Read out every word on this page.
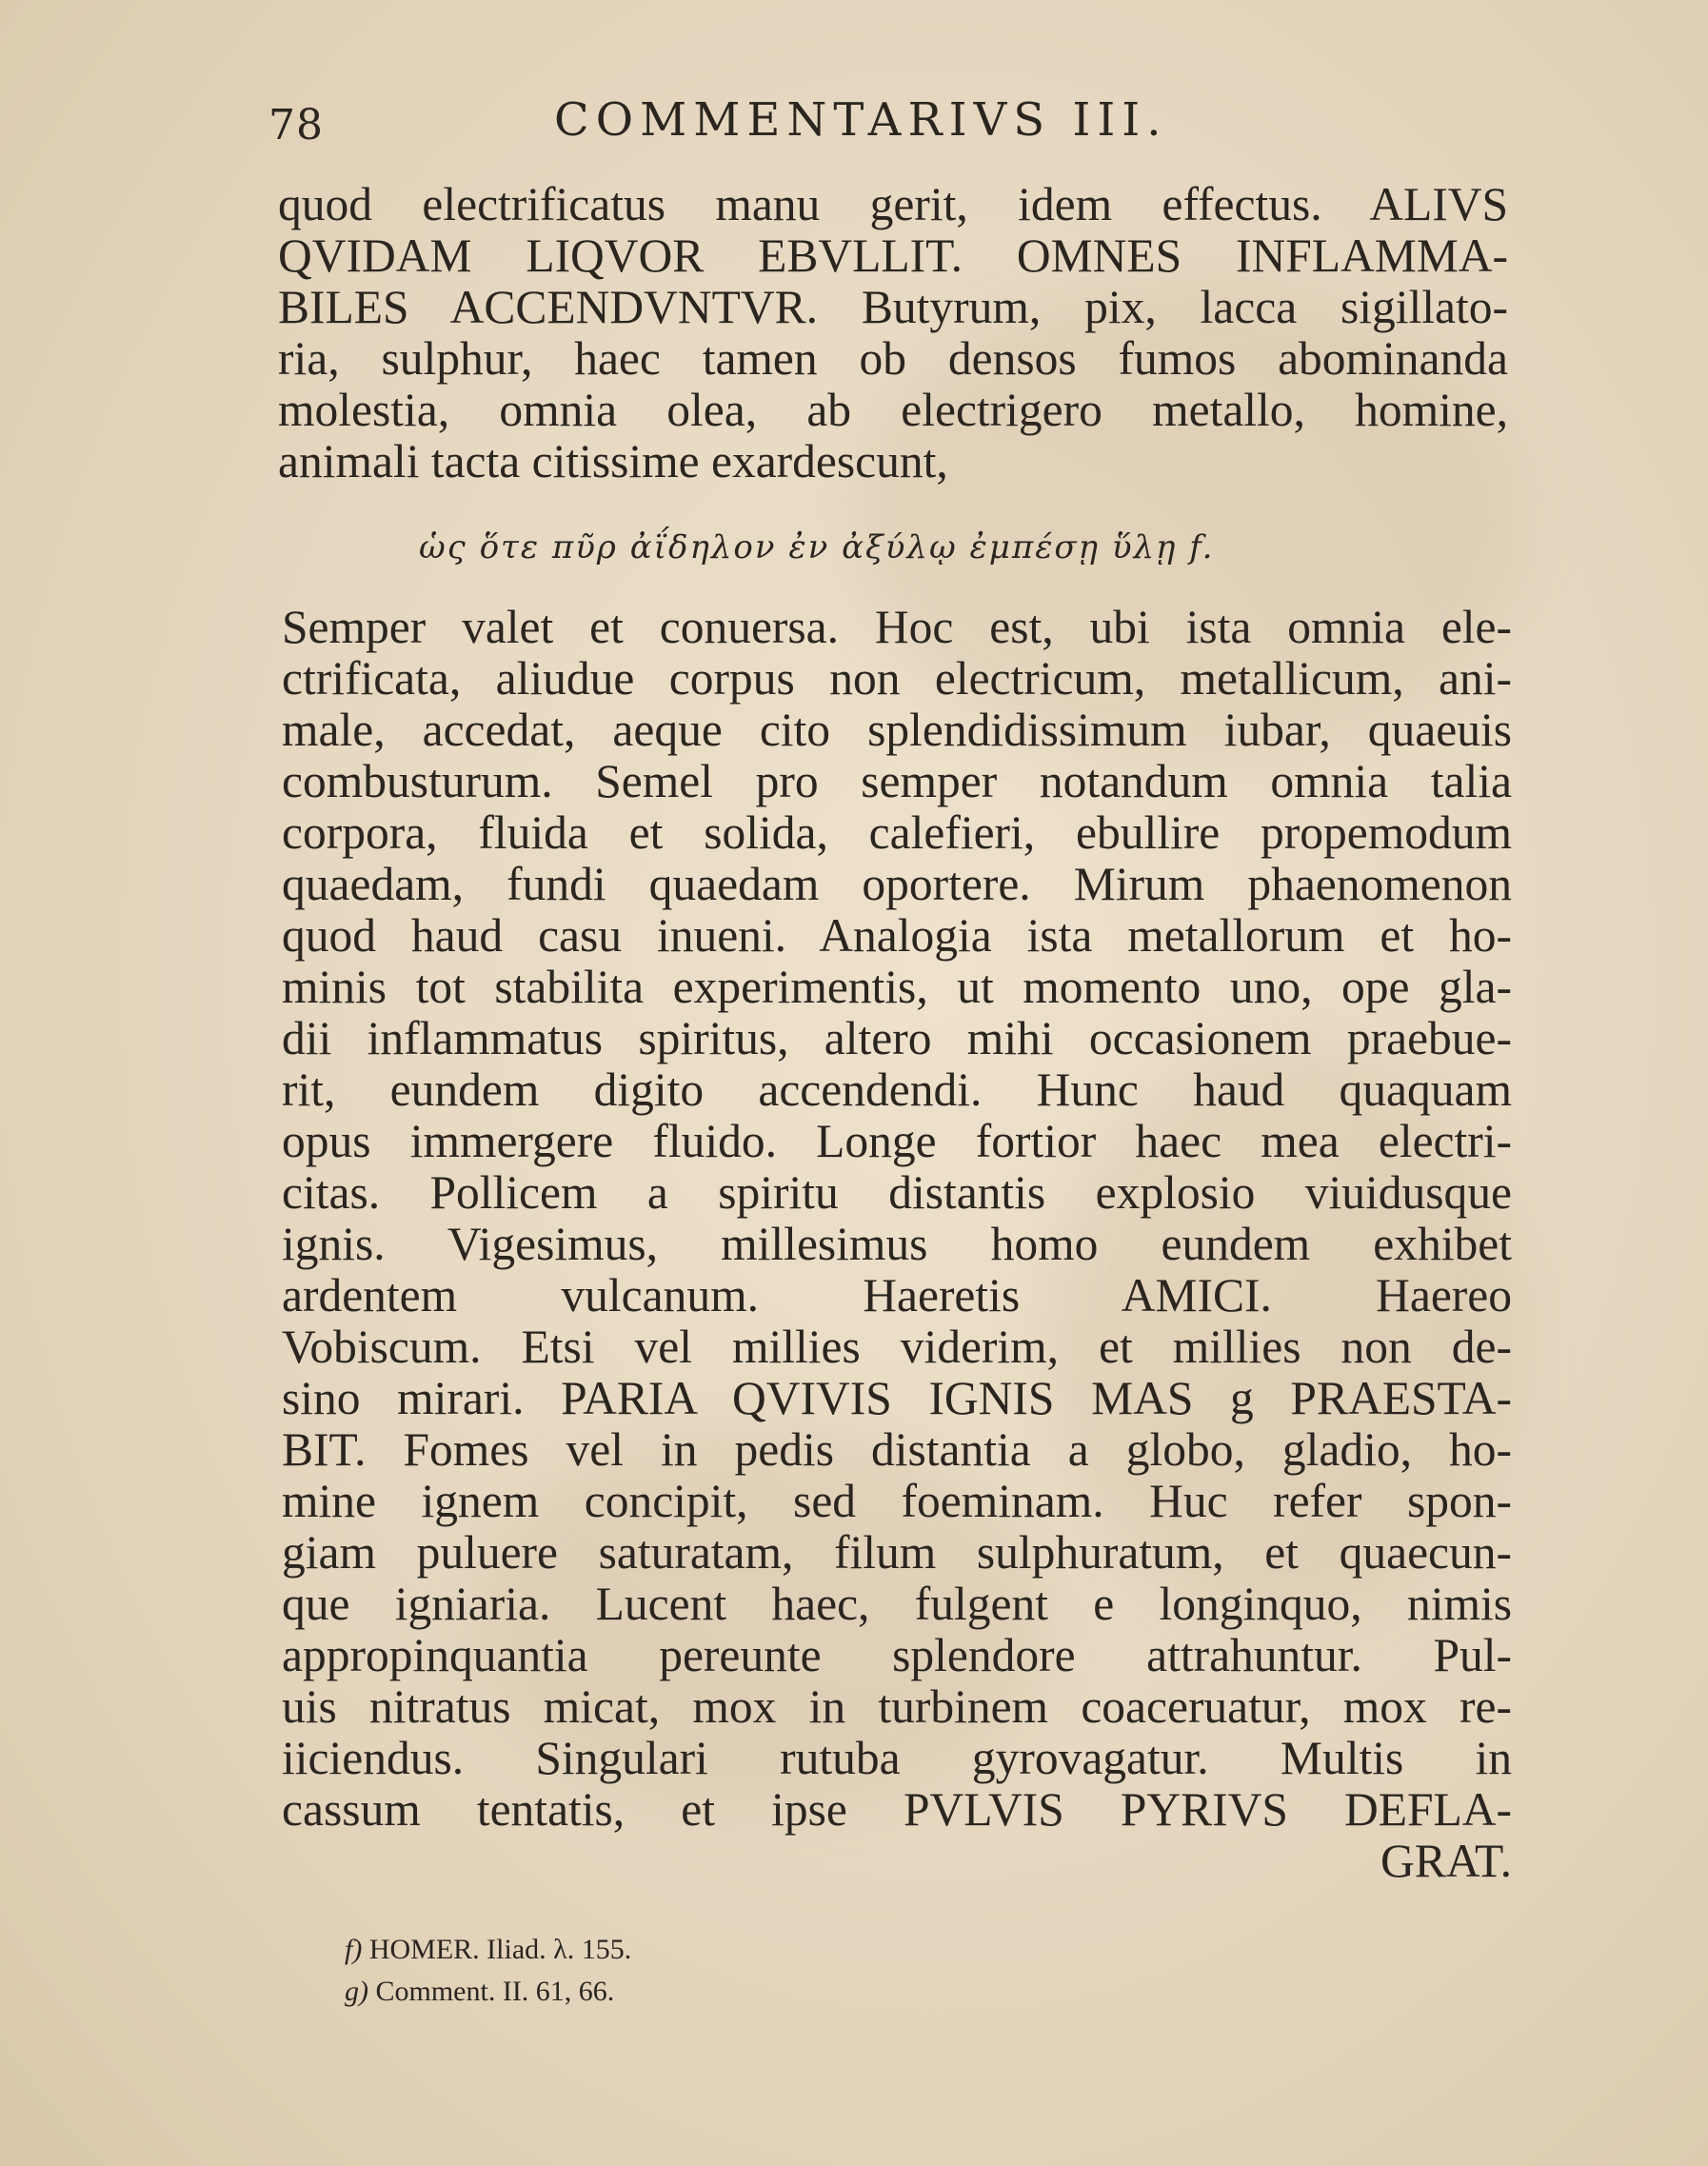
78	COMMENTARIVS III.
quod electrificatus manu gerit, idem effectus. ALIVS
QVIDAM LIQVOR EBVLLIT. OMNES INFLAMMA-
BILES ACCENDVNTVR. Butyrum, pix, lacca sigillato-
ria, sulphur, haec tamen ob densos fumos abominanda
molestia, omnia olea, ab electrigero metallo, homine,
animali tacta citissime exardescunt,
ὡς ὅτε πῦρ ἀΐδηλον ἐν ἀξύλῳ ἐμπέσῃ ὕλῃ f.
Semper valet et conuersa. Hoc est, ubi ista omnia ele-
ctrificata, aliudue corpus non electricum, metallicum, ani-
male, accedat, aeque cito splendidissimum iubar, quaeuis
combusturum. Semel pro semper notandum omnia talia
corpora, fluida et solida, calefieri, ebullire propemodum
quaedam, fundi quaedam oportere. Mirum phaenomenon
quod haud casu inueni. Analogia ista metallorum et ho-
minis tot stabilita experimentis, ut momento uno, ope gla-
dii inflammatus spiritus, altero mihi occasionem praebue-
rit, eundem digito accendendi. Hunc haud quaquam
opus immergere fluido. Longe fortior haec mea electri-
citas. Pollicem a spiritu distantis explosio viuidusque
ignis. Vigesimus, millesimus homo eundem exhibet
ardentem vulcanum. Haeretis AMICI. Haereo
Vobiscum. Etsi vel millies viderim, et millies non de-
sino mirari. PARIA QVIVIS IGNIS MAS g PRAESTA-
BIT. Fomes vel in pedis distantia a globo, gladio, ho-
mine ignem concipit, sed foeminam. Huc refer spon-
giam puluere saturatam, filum sulphuratum, et quaecun-
que igniaria. Lucent haec, fulgent e longinquo, nimis
appropinquantia pereunte splendore attrahuntur. Pul-
uis nitratus micat, mox in turbinem coaceruatur, mox re-
iiciendus. Singulari rutuba gyrovagatur. Multis in
cassum tentatis, et ipse PVLVIS PYRIVS DEFLA-
GRAT.
f) HOMER. Iliad. λ. 155.
g) Comment. II. 61, 66.
